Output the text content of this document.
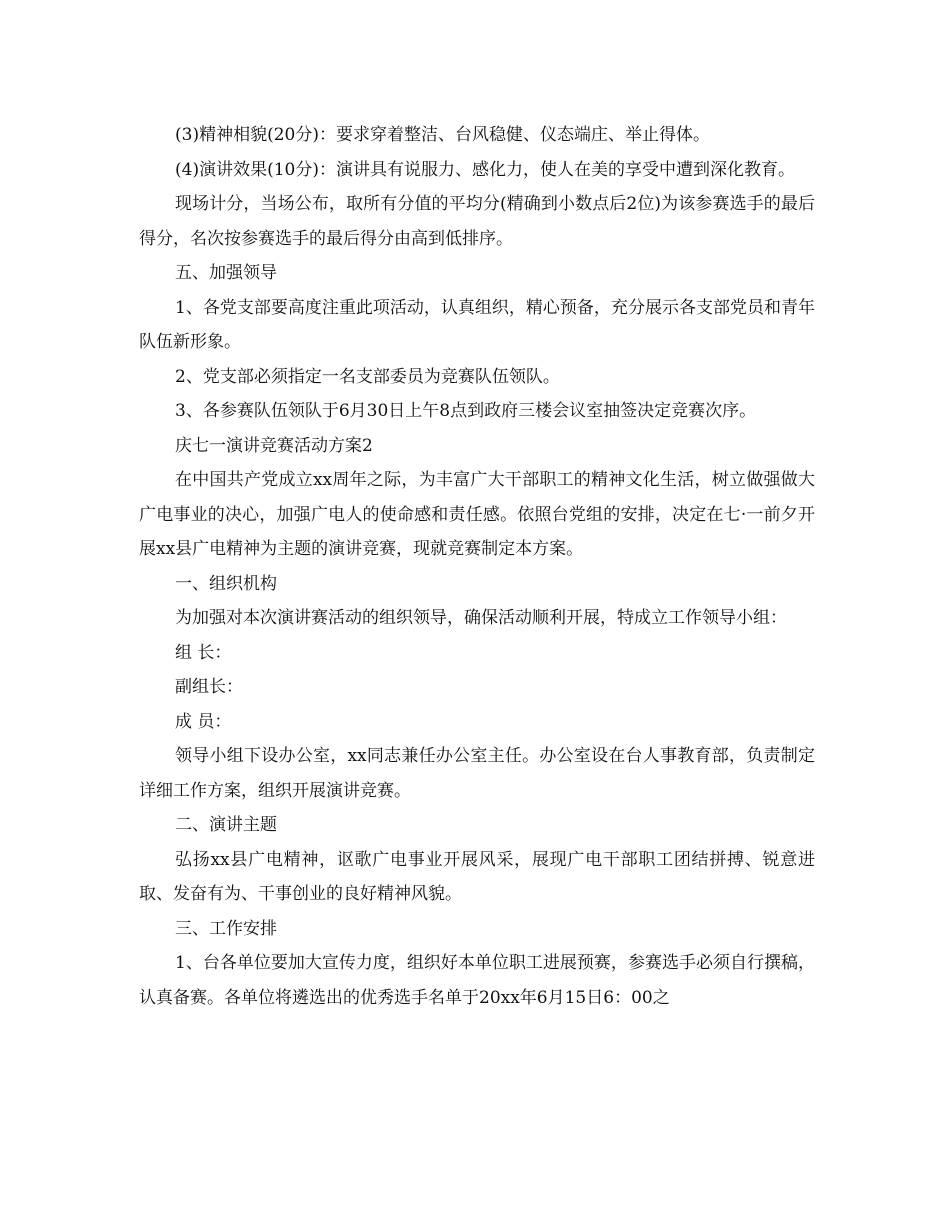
(3)精神相貌(20分)：要求穿着整洁、台风稳健、仪态端庄、举止得体。

(4)演讲效果(10分)：演讲具有说服力、感化力，使人在美的享受中遭到深化教育。

现场计分，当场公布，取所有分值的平均分(精确到小数点后2位)为该参赛选手的最后得分，名次按参赛选手的最后得分由高到低排序。

五、加强领导

1、各党支部要高度注重此项活动，认真组织，精心预备，充分展示各支部党员和青年队伍新形象。

2、党支部必须指定一名支部委员为竞赛队伍领队。

3、各参赛队伍领队于6月30日上午8点到政府三楼会议室抽签决定竞赛次序。

庆七一演讲竞赛活动方案2

在中国共产党成立xx周年之际，为丰富广大干部职工的精神文化生活，树立做强做大广电事业的决心，加强广电人的使命感和责任感。依照台党组的安排，决定在七·一前夕开展xx县广电精神为主题的演讲竞赛，现就竞赛制定本方案。

一、组织机构

为加强对本次演讲赛活动的组织领导，确保活动顺利开展，特成立工作领导小组：

组 长：

副组长：

成 员：

领导小组下设办公室，xx同志兼任办公室主任。办公室设在台人事教育部，负责制定详细工作方案，组织开展演讲竞赛。

二、演讲主题

弘扬xx县广电精神，讴歌广电事业开展风采，展现广电干部职工团结拼搏、锐意进取、发奋有为、干事创业的良好精神风貌。

三、工作安排

1、台各单位要加大宣传力度，组织好本单位职工进展预赛，参赛选手必须自行撰稿，认真备赛。各单位将遴选出的优秀选手名单于20xx年6月15日6：00之
